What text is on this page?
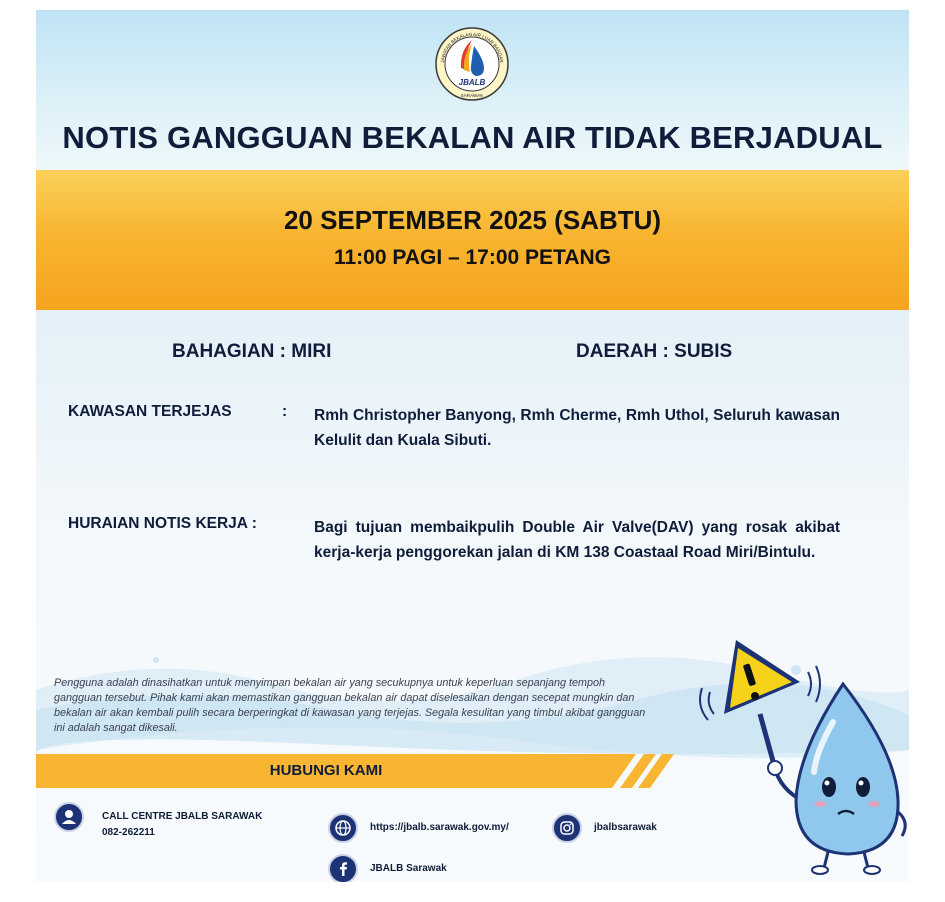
JBALB
JABATAN BEKALAN AIR LUAR BANDAR
SARAWAK
NOTIS GANGGUAN BEKALAN AIR TIDAK BERJADUAL
20 SEPTEMBER 2025 (SABTU)
11:00 PAGI – 17:00 PETANG
BAHAGIAN : MIRI	DAERAH : SUBIS
KAWASAN TERJEJAS	: Rmh Christopher Banyong, Rmh Cherme, Rmh Uthol, Seluruh kawasan Kelulit dan Kuala Sibuti.
HURAIAN NOTIS KERJA :	Bagi tujuan membaikpulih Double Air Valve(DAV) yang rosak akibat kerja-kerja penggorekan jalan di KM 138 Coastaal Road Miri/Bintulu.
Pengguna adalah dinasihatkan untuk menyimpan bekalan air yang secukupnya untuk keperluan sepanjang tempoh gangguan tersebut. Pihak kami akan memastikan gangguan bekalan air dapat diselesaikan dengan secepat mungkin dan bekalan air akan kembali pulih secara berperingkat di kawasan yang terjejas. Segala kesulitan yang timbul akibat gangguan ini adalah sangat dikesali.
HUBUNGI KAMI
CALL CENTRE JBALB SARAWAK
082-262211	https://jbalb.sarawak.gov.my/	jbalbsarawak
JBALB Sarawak
